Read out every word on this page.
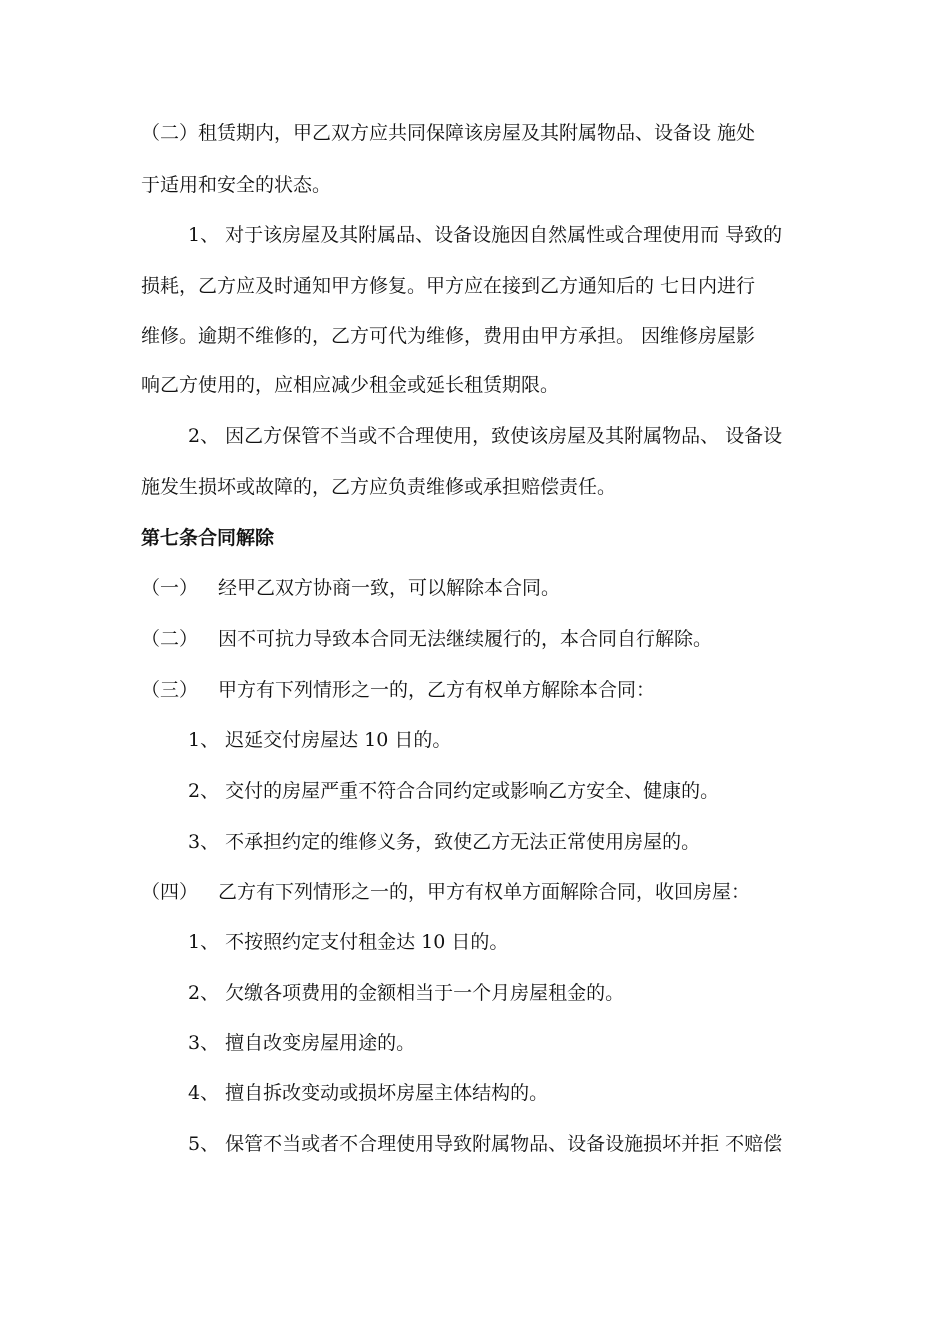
（二）租赁期内，甲乙双方应共同保障该房屋及其附属物品、设备设 施处
于适用和安全的状态。
1、 对于该房屋及其附属品、设备设施因自然属性或合理使用而 导致的
损耗，乙方应及时通知甲方修复。甲方应在接到乙方通知后的 七日内进行
维修。逾期不维修的，乙方可代为维修，费用由甲方承担。 因维修房屋影
响乙方使用的，应相应减少租金或延长租赁期限。
2、 因乙方保管不当或不合理使用，致使该房屋及其附属物品、 设备设
施发生损坏或故障的，乙方应负责维修或承担赔偿责任。
第七条合同解除
（一） 经甲乙双方协商一致，可以解除本合同。
（二） 因不可抗力导致本合同无法继续履行的，本合同自行解除。
（三） 甲方有下列情形之一的，乙方有权单方解除本合同：
1、 迟延交付房屋达 10 日的。
2、 交付的房屋严重不符合合同约定或影响乙方安全、健康的。
3、 不承担约定的维修义务，致使乙方无法正常使用房屋的。
（四） 乙方有下列情形之一的，甲方有权单方面解除合同，收回房屋：
1、 不按照约定支付租金达 10 日的。
2、 欠缴各项费用的金额相当于一个月房屋租金的。
3、 擅自改变房屋用途的。
4、 擅自拆改变动或损坏房屋主体结构的。
5、 保管不当或者不合理使用导致附属物品、设备设施损坏并拒 不赔偿
